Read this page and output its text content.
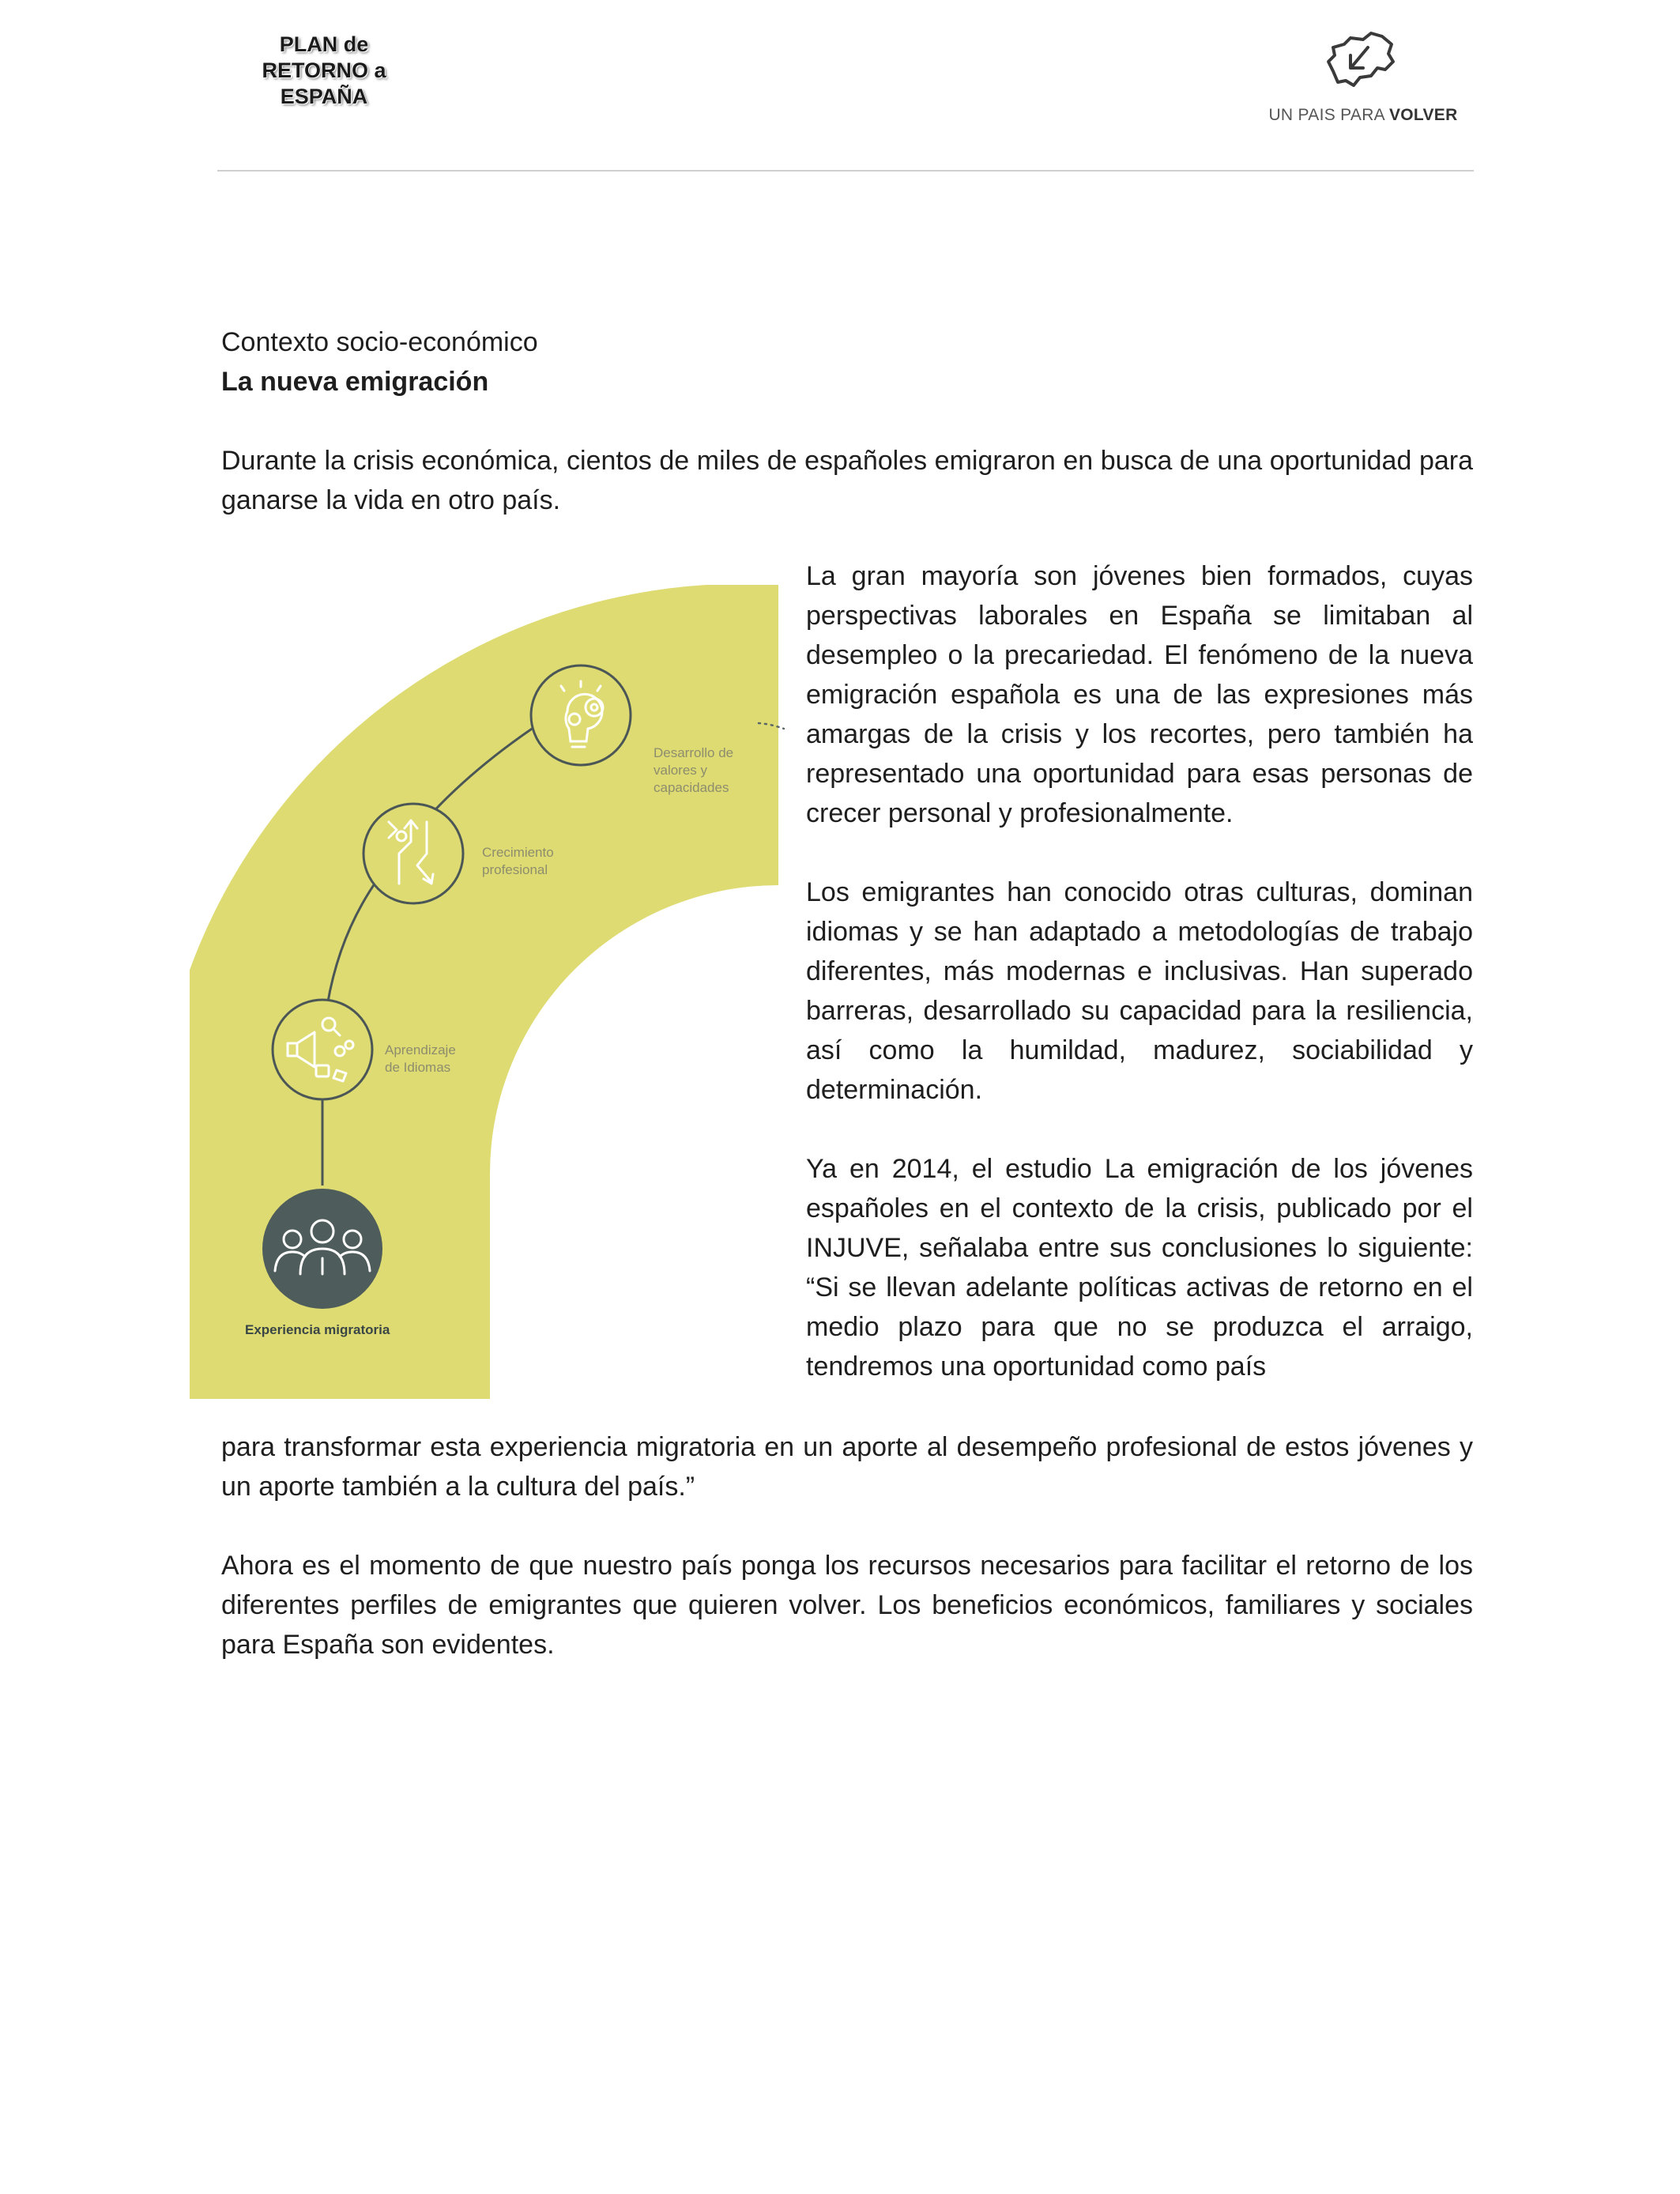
PLAN de
RETORNO a
ESPAÑA
UN PAIS PARA VOLVER
Contexto socio-económico
La nueva emigración
Durante la crisis económica, cientos de miles de españoles emigraron en busca de una oportunidad para ganarse la vida en otro país.

La gran mayoría son jóvenes bien formados, cuyas perspectivas laborales en España se limitaban al desempleo o la precariedad. El fenómeno de la nueva emigración española es una de las expresiones más amargas de la crisis y los recortes, pero también ha representado una oportunidad para esas personas de crecer personal y profesionalmente.

Los emigrantes han conocido otras culturas, dominan idiomas y se han adaptado a metodologías de trabajo diferentes, más modernas e inclusivas. Han superado barreras, desarrollado su capacidad para la resiliencia, así como la humildad, madurez, sociabilidad y determinación.

Ya en 2014, el estudio La emigración de los jóvenes españoles en el contexto de la crisis, publicado por el INJUVE, señalaba entre sus conclusiones lo siguiente: “Si se llevan adelante políticas activas de retorno en el medio plazo para que no se produzca el arraigo, tendremos una oportunidad como país

para transformar esta experiencia migratoria en un aporte al desempeño profesional de estos jóvenes y un aporte también a la cultura del país.”
Ahora es el momento de que nuestro país ponga los recursos necesarios para facilitar el retorno de los diferentes perfiles de emigrantes que quieren volver. Los beneficios económicos, familiares y sociales para España son evidentes.
Desarrollo de
valores y
capacidades
Crecimiento
profesional
Aprendizaje
de Idiomas
Experiencia migratoria
